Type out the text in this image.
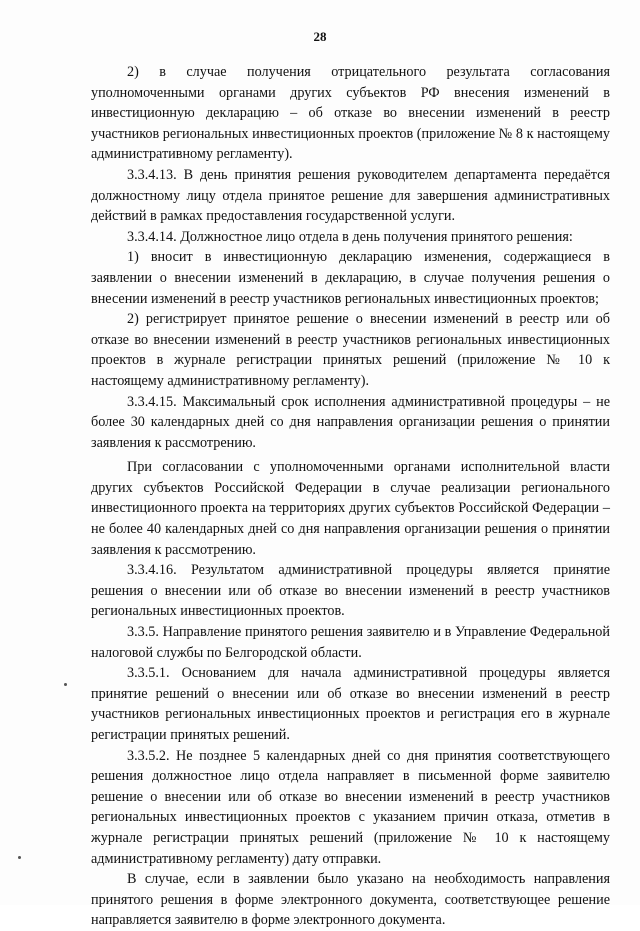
28

2) в случае получения отрицательного результата согласования уполномоченными органами других субъектов РФ внесения изменений в инвестиционную декларацию – об отказе во внесении изменений в реестр участников региональных инвестиционных проектов (приложение № 8 к настоящему административному регламенту).

3.3.4.13. В день принятия решения руководителем департамента передаётся должностному лицу отдела принятое решение для завершения административных действий в рамках предоставления государственной услуги.

3.3.4.14. Должностное лицо отдела в день получения принятого решения:

1) вносит в инвестиционную декларацию изменения, содержащиеся в заявлении о внесении изменений в декларацию, в случае получения решения о внесении изменений в реестр участников региональных инвестиционных проектов;

2) регистрирует принятое решение о внесении изменений в реестр или об отказе во внесении изменений в реестр участников региональных инвестиционных проектов в журнале регистрации принятых решений (приложение № 10 к настоящему административному регламенту).

3.3.4.15. Максимальный срок исполнения административной процедуры – не более 30 календарных дней со дня направления организации решения о принятии заявления к рассмотрению.

При согласовании с уполномоченными органами исполнительной власти других субъектов Российской Федерации в случае реализации регионального инвестиционного проекта на территориях других субъектов Российской Федерации – не более 40 календарных дней со дня направления организации решения о принятии заявления к рассмотрению.

3.3.4.16. Результатом административной процедуры является принятие решения о внесении или об отказе во внесении изменений в реестр участников региональных инвестиционных проектов.

3.3.5. Направление принятого решения заявителю и в Управление Федеральной налоговой службы по Белгородской области.

3.3.5.1. Основанием для начала административной процедуры является принятие решений о внесении или об отказе во внесении изменений в реестр участников региональных инвестиционных проектов и регистрация его в журнале регистрации принятых решений.

3.3.5.2. Не позднее 5 календарных дней со дня принятия соответствующего решения должностное лицо отдела направляет в письменной форме заявителю решение о внесении или об отказе во внесении изменений в реестр участников региональных инвестиционных проектов с указанием причин отказа, отметив в журнале регистрации принятых решений (приложение № 10 к настоящему административному регламенту) дату отправки.

В случае, если в заявлении было указано на необходимость направления принятого решения в форме электронного документа, соответствующее решение направляется заявителю в форме электронного документа.
